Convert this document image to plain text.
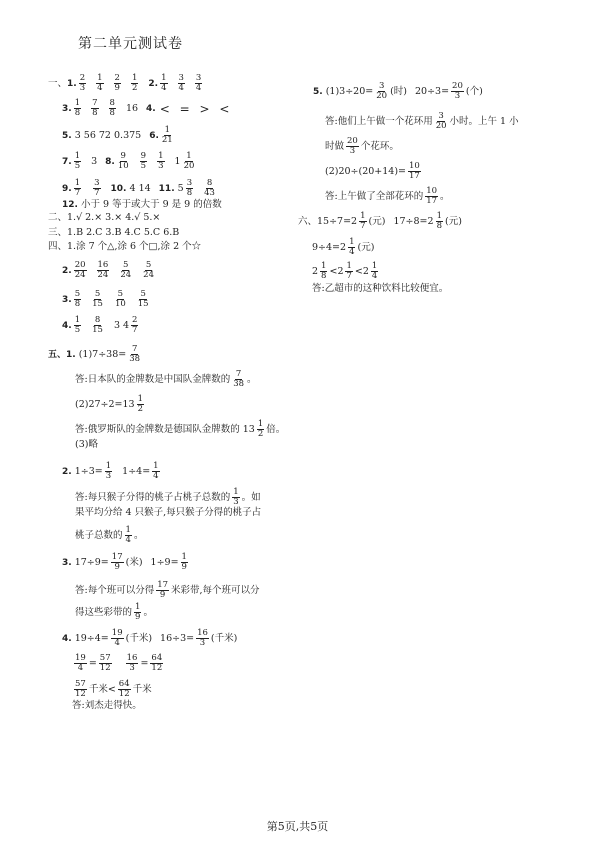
第二单元测试卷
一、 1. $\frac{2}{3} \frac{1}{4} \frac{2}{9} \frac{1}{2} 2$. $\frac{1}{4} \frac{3}{4} \frac{3}{4}$
3. $\frac{1}{8} \frac{7}{8} \frac{8}{8} 16$ 4. < = > <
5.
3 56 72 0.375 6. $\frac{1}{21}$
7. $\frac{1}{5} 3$ 8. $\frac{9}{10} \frac{9}{5} \frac{1}{3} 1 \frac{1}{20}$
9. $\frac{1}{7} \frac{3}{7} 10$.
4 14 11.
$5 \frac{3}{8} \frac{8}{43}$
12.
小于 9 等于或大于 9 是 9 的倍数
二、1.√ 2.× 3.× 4.√ 5.×
三、1.B 2.C 3.B 4.C 5.C 6.B
四、1.涂 7 个△,涂 6 个□,涂 2 个☆
2. $\frac{20}{24} \frac{16}{24} \frac{5}{24} \frac{5}{24}$
3. $\frac{5}{8} \frac{5}{15} \frac{5}{10} \frac{5}{15}$
4. $\frac{1}{5} \frac{8}{15} 3$ $4 \frac{2}{7}$
五、1.
$(1)7\div 38= \frac{7}{38}$
答:日本队的金牌数是中国队金牌数的 $\frac{7}{38}$ 。
$(2)27\div 2=13 \frac{1}{2}$
答:俄罗斯队的金牌数是德国队金牌数的 $13 \frac{1}{2}$ 倍。
(3)略
2.
$1\div 3= \frac{1}{3} 1\div 4= \frac{1}{4}$
答:每只猴子分得的桃子占桃子总数的 $\frac{1}{3}$ 。如
果平均分给 4 只猴子,每只猴子分得的桃子占
桃子总数的 $\frac{1}{4}$ 。
3.
$17\div 9= \frac{17}{9}$ (米) $1\div 9= \frac{1}{9}$
答:每个班可以分得 $\frac{17}{9}$ 米彩带,每个班可以分
得这些彩带的 $\frac{1}{9}$ 。
4.
$19\div 4= \frac{19}{4}$ (千米) $16\div 3= \frac{16}{3}$ (千米)
$\frac{19}{4} = \frac{57}{12} \frac{16}{3} = \frac{64}{12}$
$\frac{57}{12}$ 千米< $\frac{64}{12}$ 千米
答:刘杰走得快。
5.
$(1)3\div 20= \frac{3}{20}$ (时) $20\div 3= \frac{20}{3}$ (个)
答:他们上午做一个花环用 $\frac{3}{20}$ 小时。上午 1 小
时做 $\frac{20}{3}$ 个花环。
$(2)20\div(20+14)= \frac{10}{17}$
答:上午做了全部花环的 $\frac{10}{17}$ 。
六、$15\div 7=2 \frac{1}{7}$ (元) $17\div 8=2 \frac{1}{8}$ (元)
$9\div 4=2 \frac{1}{4}$ (元)
$2 \frac{1}{8} < 2 \frac{1}{7} < 2 \frac{1}{4}$
答:乙超市的这种饮料比较便宜。
第5页,共5页
